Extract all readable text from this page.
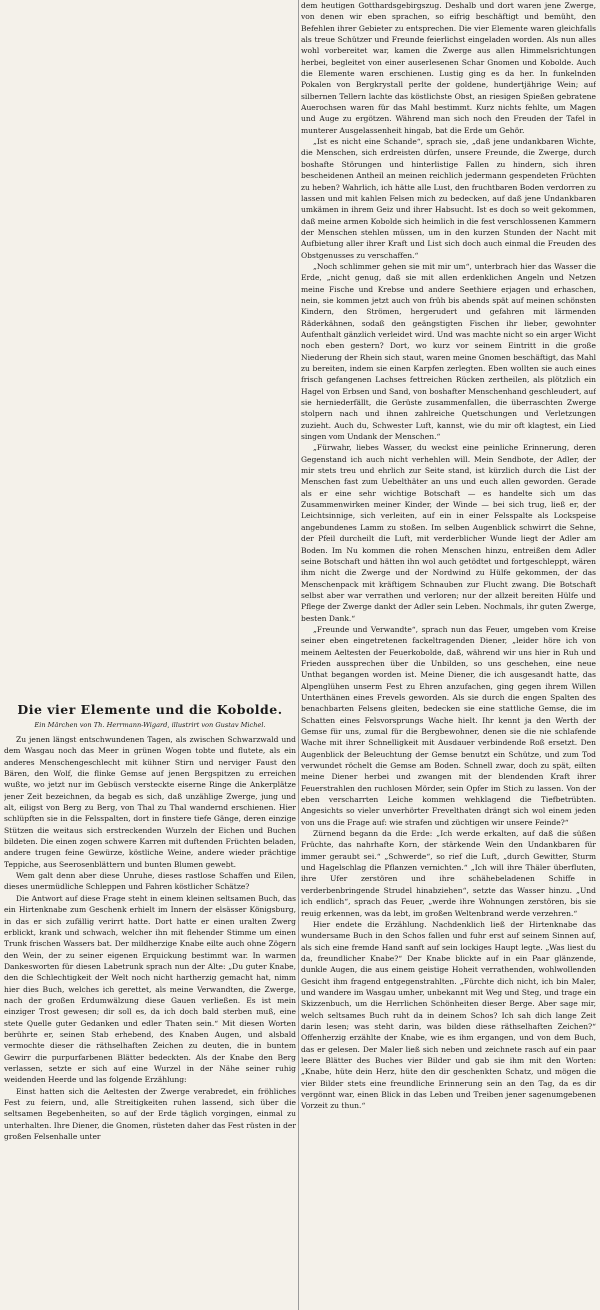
Die vier Elemente und die Kobolde.
Ein Märchen von Th. Herrmann-Wigard, illustrirt von Gustav Michel.

Zu jenen längst entschwundenen Tagen, als zwischen Schwarzwald und dem Wasgau noch das Meer in grünen Wogen tobte und flutete, als ein anderes Menschengeschlecht mit kühner Stirn und nerviger Faust den Bären, den Wolf, die flinke Gemse auf jenen Bergspitzen zu erreichen wußte, wo jetzt nur im Gebüsch versteckte eiserne Ringe die Ankerplätze jener Zeit bezeichnen, da begab es sich, daß unzählige Zwerge, jung und alt, eiligst von Berg zu Berg, von Thal zu Thal wandernd erschienen. Hier schlüpften sie in die Felsspalten, dort in finstere tiefe Gänge, deren einzige Stützen die weitaus sich erstreckenden Wurzeln der Eichen und Buchen bildeten. Die einen zogen schwere Karren mit duftenden Früchten beladen, andere trugen feine Gewürze, köstliche Weine, andere wieder prächtige Teppiche, aus Seerosenblättern und bunten Blumen gewebt.

Wem galt denn aber diese Unruhe, dieses rastlose Schaffen und Eilen, dieses unermüdliche Schleppen und Fahren köstlicher Schätze?

Die Antwort auf diese Frage steht in einem kleinen seltsamen Buch, das ein Hirtenknabe zum Geschenk erhielt im Innern der elsässer Königsburg, in das er sich zufällig verirrt hatte. Dort hatte er einen uralten Zwerg erblickt, krank und schwach, welcher ihn mit flehender Stimme um einen Trunk frischen Wassers bat. Der mildherzige Knabe eilte auch ohne Zögern den Wein, der zu seiner eigenen Erquickung bestimmt war. In warmen Dankesworten für diesen Labetrunk sprach nun der Alte: „Du guter Knabe, den die Schlechtigkeit der Welt noch nicht hartherzig gemacht hat, nimm hier dies Buch, welches ich gerettet, als meine Verwandten, die Zwerge, nach der großen Erdumwälzung diese Gauen verließen. Es ist mein einziger Trost gewesen; dir soll es, da ich doch bald sterben muß, eine stete Quelle guter Gedanken und edler Thaten sein.“ Mit diesen Worten berührte er, seinen Stab erhebend, des Knaben Augen, und alsbald vermochte dieser die räthselhaften Zeichen zu deuten, die in buntem Gewirr die purpurfarbenen Blätter bedeckten. Als der Knabe den Berg verlassen, setzte er sich auf eine Wurzel in der Nähe seiner ruhig weidenden Heerde und las folgende Erzählung:

Einst hatten sich die Aeltesten der Zwerge verabredet, ein fröhliches Fest zu feiern, und, alle Streitigkeiten ruhen lassend, sich über die seltsamen Begebenheiten, so auf der Erde täglich vorgingen, einmal zu unterhalten. Ihre Diener, die Gnomen, rüsteten daher das Fest rüsten in der großen Felsenhalle unter

dem heutigen Gotthardsgebirgszug. Deshalb und dort waren jene Zwerge, von denen wir eben sprachen, so eifrig beschäftigt und bemüht, den Befehlen ihrer Gebieter zu entsprechen. Die vier Elemente waren gleichfalls als treue Schützer und Freunde feierlichst eingeladen worden. Als nun alles wohl vorbereitet war, kamen die Zwerge aus allen Himmelsrichtungen herbei, begleitet von einer auserlesenen Schar Gnomen und Kobolde. Auch die Elemente waren erschienen. Lustig ging es da her. In funkelnden Pokalen von Bergkrystall perlte der goldene, hundertjährige Wein; auf silbernen Tellern lachte das köstlichste Obst, an riesigen Spießen gebratene Auerochsen waren für das Mahl bestimmt. Kurz nichts fehlte, um Magen und Auge zu ergötzen. Während man sich noch den Freuden der Tafel in munterer Ausgelassenheit hingab, bat die Erde um Gehör.

„Ist es nicht eine Schande“, sprach sie, „daß jene undankbaren Wichte, die Menschen, sich erdreisten dürfen, unsere Freunde, die Zwerge, durch boshafte Störungen und hinterlistige Fallen zu hindern, sich ihren bescheidenen Antheil an meinen reichlich jedermann gespendeten Früchten zu heben? Wahrlich, ich hätte alle Lust, den fruchtbaren Boden verdorren zu lassen und mit kahlen Felsen mich zu bedecken, auf daß jene Undankbaren umkämen in ihrem Geiz und ihrer Habsucht. Ist es doch so weit gekommen, daß meine armen Kobolde sich heimlich in die fest verschlossenen Kammern der Menschen stehlen müssen, um in den kurzen Stunden der Nacht mit Aufbietung aller ihrer Kraft und List sich doch auch einmal die Freuden des Obstgenusses zu verschaffen.“

„Noch schlimmer gehen sie mit mir um“, unterbrach hier das Wasser die Erde, „nicht genug, daß sie mit allen erdenklichen Angeln und Netzen meine Fische und Krebse und andere Seethiere erjagen und erhaschen, nein, sie kommen jetzt auch von früh bis abends spät auf meinen schönsten Kindern, den Strömen, hergerudert und gefahren mit lärmenden Räderkähnen, sodaß den geängstigten Fischen ihr lieber, gewohnter Aufenthalt gänzlich verleidet wird. Und was machte nicht so ein arger Wicht noch eben gestern? Dort, wo kurz vor seinem Eintritt in die große Niederung der Rhein sich staut, waren meine Gnomen beschäftigt, das Mahl zu bereiten, indem sie einen Karpfen zerlegten. Eben wollten sie auch eines frisch gefangenen Lachses fettreichen Rücken zertheilen, als plötzlich ein Hagel von Erbsen und Sand, von boshafter Menschenhand geschleudert, auf sie herniederfällt, die Gerüste zusammenfallen, die überraschten Zwerge stolpern nach und ihnen zahlreiche Quetschungen und Verletzungen zuzieht. Auch du, Schwester Luft, kannst, wie du mir oft klagtest, ein Lied singen vom Undank der Menschen.“

„Fürwahr, liebes Wasser, du weckst eine peinliche Erinnerung, deren Gegenstand ich auch nicht verhehlen will. Mein Sendbote, der Adler, der mir stets treu und ehrlich zur Seite stand, ist kürzlich durch die List der Menschen fast zum Uebelthäter an uns und euch allen geworden. Gerade als er eine sehr wichtige Botschaft — es handelte sich um das Zusammenwirken meiner Kinder, der Winde — bei sich trug, ließ er, der Leichtsinnige, sich verleiten, auf ein in einer Felsspalte als Lockspeise angebundenes Lamm zu stoßen. Im selben Augenblick schwirrt die Sehne, der Pfeil durcheilt die Luft, mit verderblicher Wunde liegt der Adler am Boden. Im Nu kommen die rohen Menschen hinzu, entreißen dem Adler seine Botschaft und hätten ihn wol auch getödtet und fortgeschleppt, wären ihm nicht die Zwerge und der Nordwind zu Hülfe gekommen, der das Menschenpack mit kräftigem Schnauben zur Flucht zwang. Die Botschaft selbst aber war verrathen und verloren; nur der allzeit bereiten Hülfe und Pflege der Zwerge dankt der Adler sein Leben. Nochmals, ihr guten Zwerge, besten Dank.“

„Freunde und Verwandte“, sprach nun das Feuer, umgeben vom Kreise seiner eben eingetretenen fackeltragenden Diener, „leider höre ich von meinem Aeltesten der Feuerkobolde, daß, während wir uns hier in Ruh und Frieden aussprechen über die Unbilden, so uns geschehen, eine neue Unthat begangen worden ist. Meine Diener, die ich ausgesandt hatte, das Alpenglühen unserm Fest zu Ehren anzufachen, ging gegen ihrem Willen Unterthänen eines Frevels geworden. Als sie durch die engen Spalten des benachbarten Felsens gleiten, bedecken sie eine stattliche Gemse, die im Schatten eines Felsvorsprungs Wache hielt. Ihr kennt ja den Werth der Gemse für uns, zumal für die Bergbewohner, denen sie die nie schlafende Wache mit ihrer Schnelligkeit mit Ausdauer verbindende Roß ersetzt. Den Augenblick der Beleuchtung der Gemse benutzt ein Schütze, und zum Tod verwundet röchelt die Gemse am Boden. Schnell zwar, doch zu spät, eilten meine Diener herbei und zwangen mit der blendenden Kraft ihrer Feuerstrahlen den ruchlosen Mörder, sein Opfer im Stich zu lassen. Von der eben verscharrten Leiche kommen wehklagend die Tiefbetrübten. Angesichts so vieler unverhörter Frevelthaten drängt sich wol einem jeden von uns die Frage auf: wie strafen und züchtigen wir unsere Feinde?“

Zürnend begann da die Erde: „Ich werde erkalten, auf daß die süßen Früchte, das nahrhafte Korn, der stärkende Wein den Undankbaren für immer geraubt sei.“ „Schwerde“, so rief die Luft, „durch Gewitter, Sturm und Hagelschlag die Pflanzen vernichten.“ „Ich will ihre Thäler überfluten, ihre Ufer zerstören und ihre schähebeladenen Schiffe in verderbenbringende Strudel hinabziehen“, setzte das Wasser hinzu. „Und ich endlich“, sprach das Feuer, „werde ihre Wohnungen zerstören, bis sie reuig erkennen, was da lebt, im großen Weltenbrand werde verzehren.“

Hier endete die Erzählung. Nachdenklich ließ der Hirtenknabe das wundersame Buch in den Schos fallen und fuhr erst auf seinem Sinnen auf, als sich eine fremde Hand sanft auf sein lockiges Haupt legte. „Was liest du da, freundlicher Knabe?“ Der Knabe blickte auf in ein Paar glänzende, dunkle Augen, die aus einem geistige Hoheit verrathenden, wohlwollenden Gesicht ihm fragend entgegenstrahlten. „Fürchte dich nicht, ich bin Maler, und wandere im Wasgau umher, unbekannt mit Weg und Steg, und trage ein Skizzenbuch, um die Herrlichen Schönheiten dieser Berge. Aber sage mir, welch seltsames Buch ruht da in deinem Schos? Ich sah dich lange Zeit darin lesen; was steht darin, was bilden diese räthselhaften Zeichen?“ Offenherzig erzählte der Knabe, wie es ihm ergangen, und von dem Buch, das er gelesen. Der Maler ließ sich neben und zeichnete rasch auf ein paar leere Blätter des Buches vier Bilder und gab sie ihm mit den Worten: „Knabe, hüte dein Herz, hüte den dir geschenkten Schatz, und mögen die vier Bilder stets eine freundliche Erinnerung sein an den Tag, da es dir vergönnt war, einen Blick in das Leben und Treiben jener sagenumgebenen Vorzeit zu thun.“
